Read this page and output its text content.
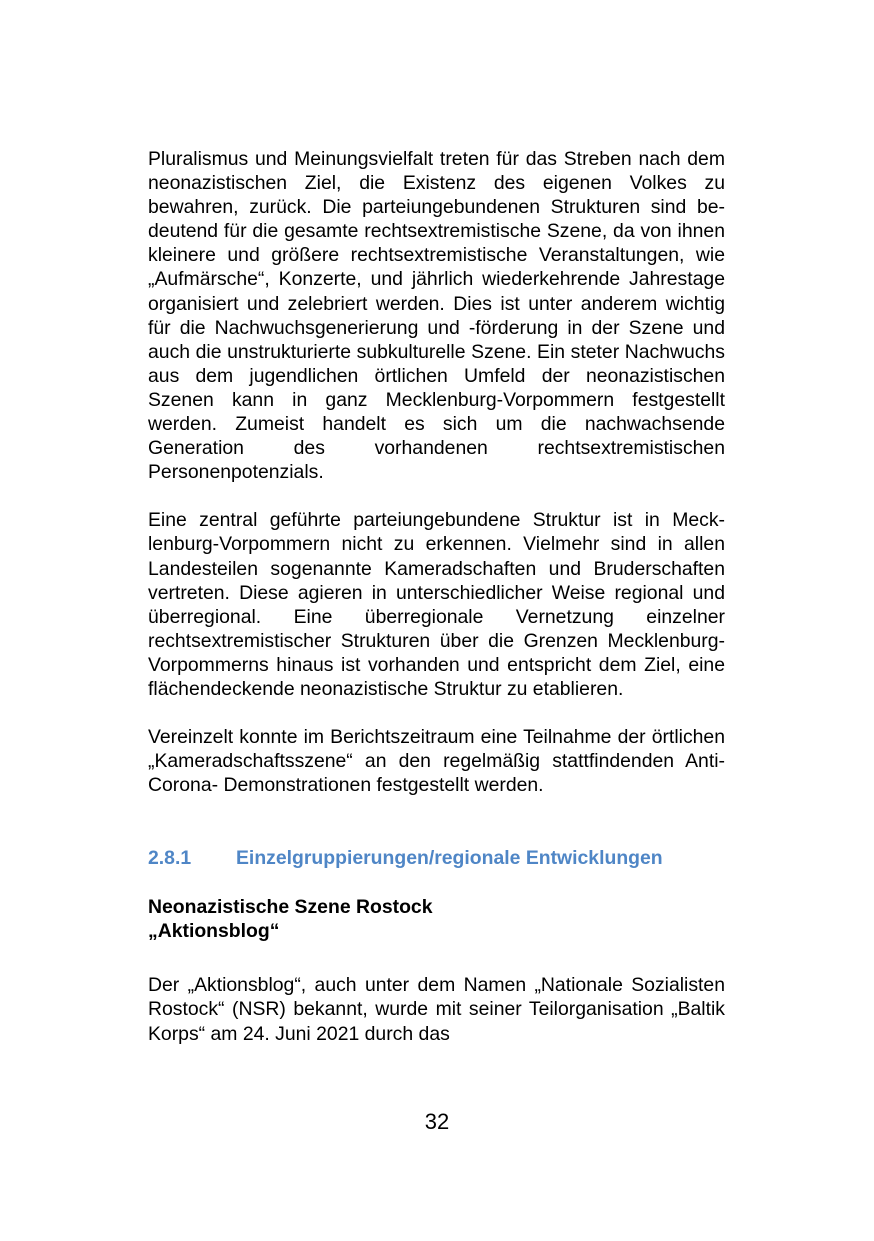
Pluralismus und Meinungsvielfalt treten für das Streben nach dem neonazistischen Ziel, die Existenz des eigenen Volkes zu bewahren, zurück. Die parteiungebundenen Strukturen sind bedeutend für die gesamte rechtsextremistische Szene, da von ihnen kleinere und größere rechtsextremistische Veranstaltungen, wie „Aufmärsche“, Konzerte, und jährlich wiederkehrende Jahrestage organisiert und zelebriert werden. Dies ist unter anderem wichtig für die Nachwuchsgenerierung und -förderung in der Szene und auch die unstrukturierte subkulturelle Szene. Ein steter Nachwuchs aus dem jugendlichen örtlichen Umfeld der neonazistischen Szenen kann in ganz Mecklenburg-Vorpommern festgestellt werden. Zumeist handelt es sich um die nachwachsende Generation des vorhandenen rechtsextremistischen Personenpotenzials.

Eine zentral geführte parteiungebundene Struktur ist in Mecklenburg-Vorpommern nicht zu erkennen. Vielmehr sind in allen Landesteilen sogenannte Kameradschaften und Bruderschaften vertreten. Diese agieren in unterschiedlicher Weise regional und überregional. Eine überregionale Vernetzung einzelner rechtsextremistischer Strukturen über die Grenzen Mecklenburg-Vorpommerns hinaus ist vorhanden und entspricht dem Ziel, eine flächendeckende neonazistische Struktur zu etablieren.

Vereinzelt konnte im Berichtszeitraum eine Teilnahme der örtlichen „Kameradschaftsszene“ an den regelmäßig stattfindenden Anti-Corona- Demonstrationen festgestellt werden.

2.8.1	Einzelgruppierungen/regionale Entwicklungen

Neonazistische Szene Rostock

„Aktionsblog“

Der „Aktionsblog“, auch unter dem Namen „Nationale Sozialisten Rostock“ (NSR) bekannt, wurde mit seiner Teilorganisation „Baltik Korps“ am 24. Juni 2021 durch das

32
